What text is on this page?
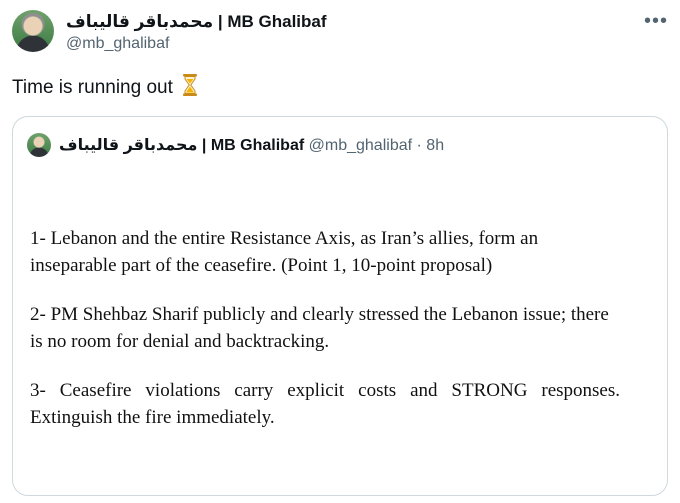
محمدباقر قالیباف | MB Ghalibaf
@mb_ghalibaf
•••
Time is running out
محمدباقر قالیباف | MB Ghalibaf @mb_ghalibaf · 8h

1- Lebanon and the entire Resistance Axis, as Iran’s allies, form an inseparable part of the ceasefire. (Point 1, 10-point proposal)

2- PM Shehbaz Sharif publicly and clearly stressed the Lebanon issue; there is no room for denial and backtracking.

3- Ceasefire violations carry explicit costs and STRONG responses. Extinguish the fire immediately.
